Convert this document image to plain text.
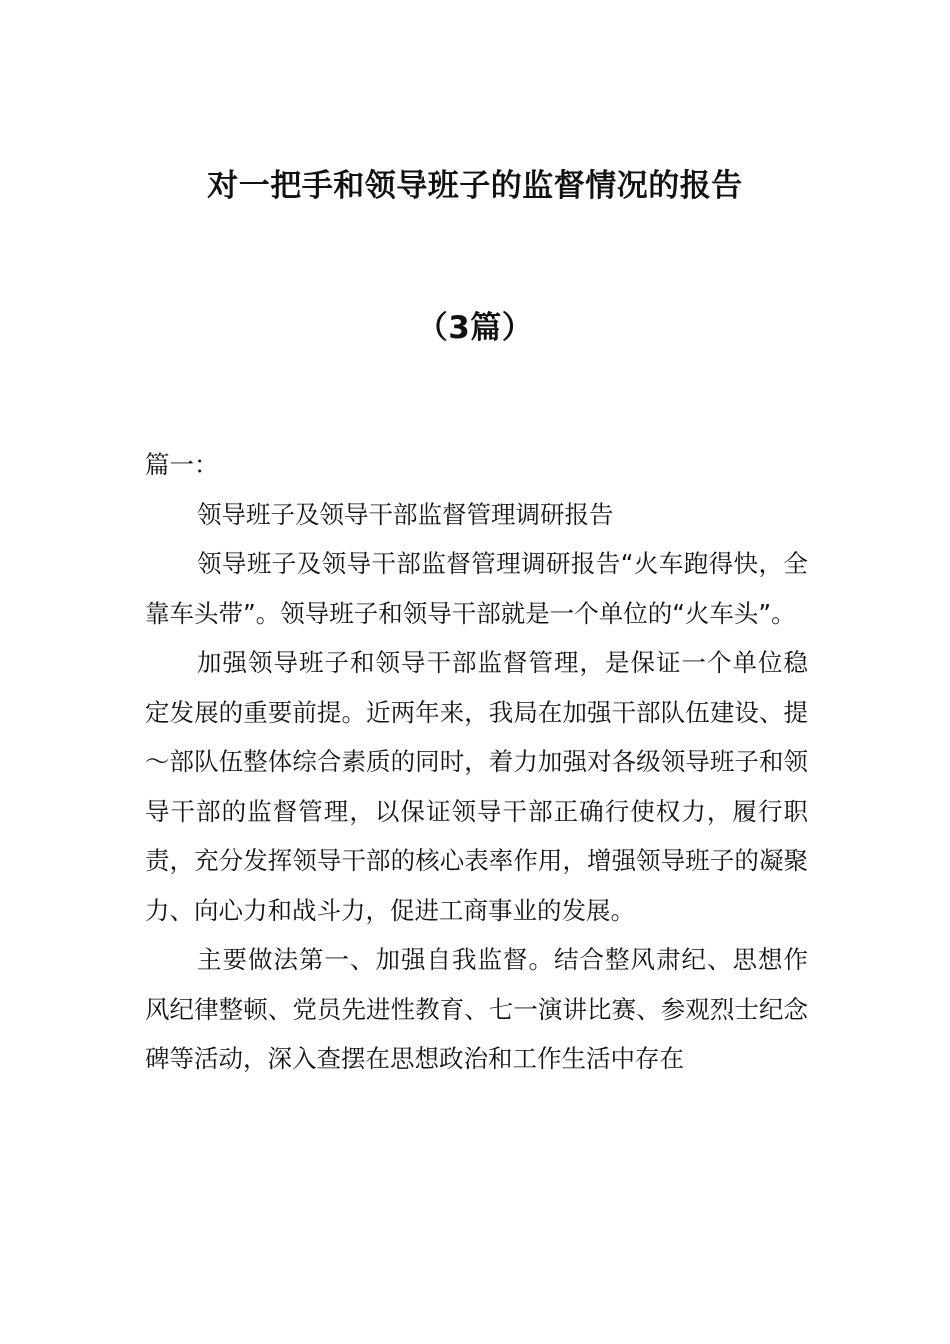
对一把手和领导班子的监督情况的报告
（3篇）

篇一：

领导班子及领导干部监督管理调研报告

领导班子及领导干部监督管理调研报告“火车跑得快，全靠车头带”。领导班子和领导干部就是一个单位的“火车头”。

加强领导班子和领导干部监督管理，是保证一个单位稳定发展的重要前提。近两年来，我局在加强干部队伍建设、提～部队伍整体综合素质的同时，着力加强对各级领导班子和领导干部的监督管理，以保证领导干部正确行使权力，履行职责，充分发挥领导干部的核心表率作用，增强领导班子的凝聚力、向心力和战斗力，促进工商事业的发展。

主要做法第一、加强自我监督。结合整风肃纪、思想作风纪律整顿、党员先进性教育、七一演讲比赛、参观烈士纪念碑等活动，深入查摆在思想政治和工作生活中存在
